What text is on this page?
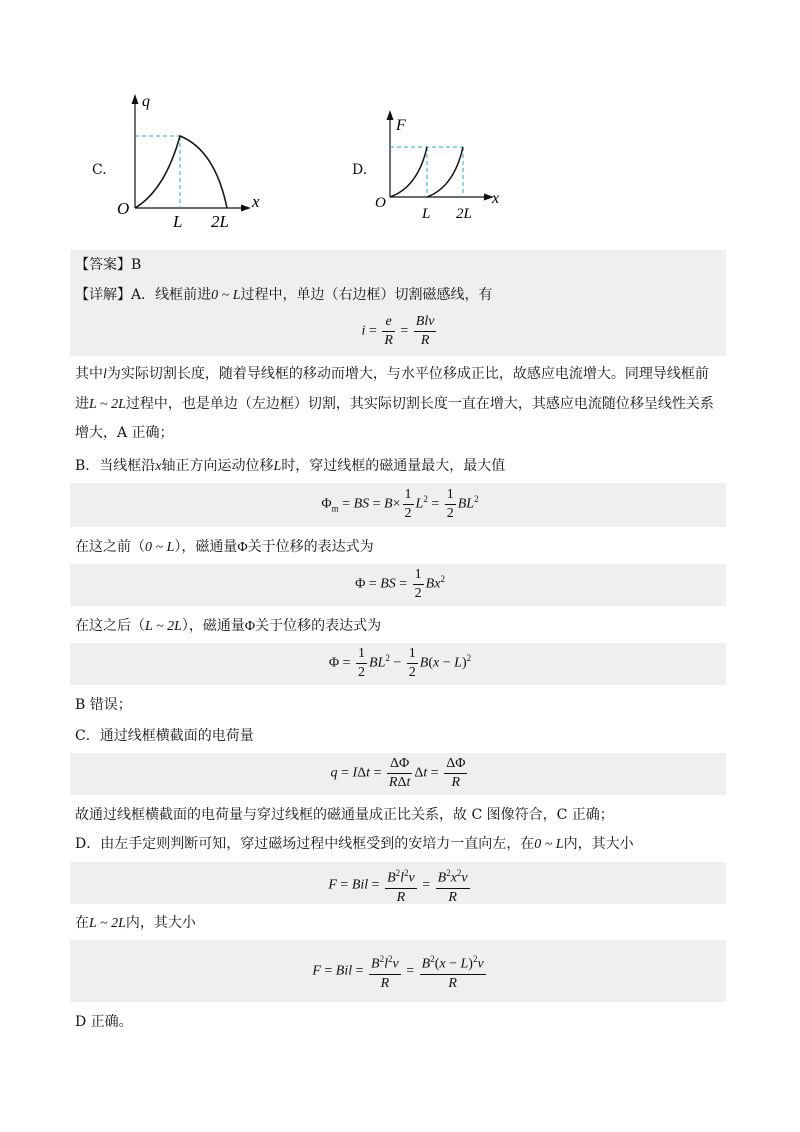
q
O	x
L 2L
C.
F
O	x
L 2L
D.
【答案】B
【详解】A．线框前进0 ~ L过程中，单边（右边框）切割磁感线，有
$i = \frac{e}{R} = \frac{\text{Blv}}{R}$
其中l为实际切割长度，随着导线框的移动而增大，与水平位移成正比，故感应电流增大。同理导线框前
进L ~ 2L过程中，也是单边（左边框）切割，其实际切割长度一直在增大，其感应电流随位移呈线性关系
增大，A 正确；
B．当线框沿x轴正方向运动位移L时，穿过线框的磁通量最大，最大值
$\Phi_m$ = BS = $B\times \frac{1}{2} L^2 = \frac{1}{2} BL^2$
在这之前（0 ~ L），磁通量Φ关于位移的表达式为
Φ = BS = $\frac{1}{2} Bx^2$
在这之后（L ~ 2L），磁通量Φ关于位移的表达式为
$\Phi = \frac{1}{2} BL^2 - \frac{1}{2} B(x - L)^2$
B 错误；
C．通过线框横截面的电荷量
$q = I\Delta t = \frac{\Delta\Phi}{\text{RΔt}}$ $\Delta t = \frac{\Delta\Phi}{R}$
故通过线框横截面的电荷量与穿过线框的磁通量成正比关系，故 C 图像符合，C 正确；
D．由左手定则判断可知，穿过磁场过程中线框受到的安培力一直向左，在0 ~ L内，其大小
F = Bil = $\frac{B^2l^2v}{R} = \frac{B^2x^2v}{R}$
在L ~ 2L内，其大小
F = Bil = $\frac{B^2l^2v}{R} = \frac{B^2(x - L)^2v}{R}$
D 正确。
